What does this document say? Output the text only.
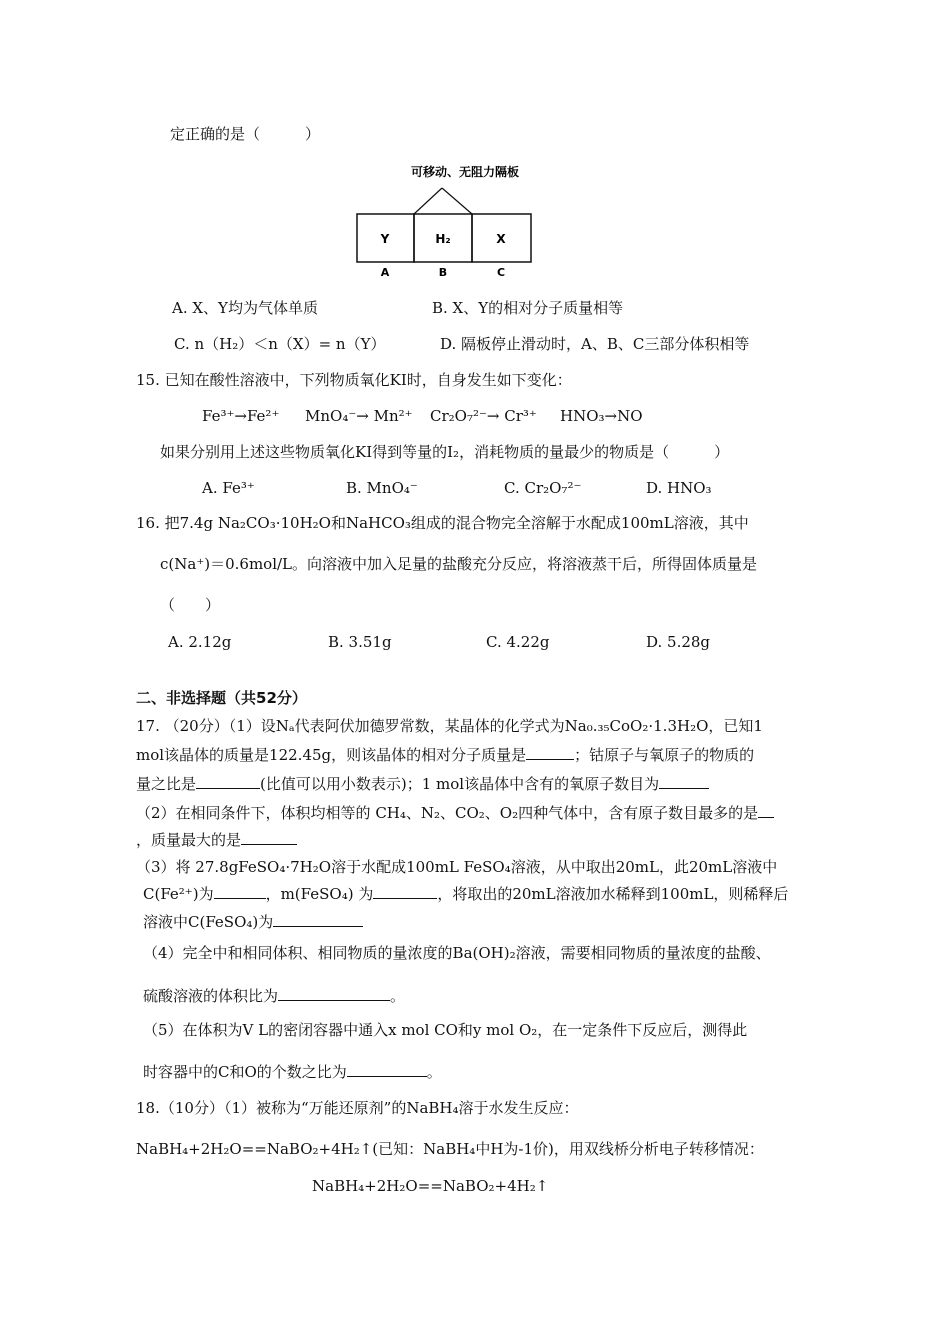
定正确的是（　　　）
可移动、无阻力隔板
Y	H₂	X
A	B	C
A. X、Y均为气体单质	B. X、Y的相对分子质量相等
C. n（H₂）＜n（X）= n（Y）	D. 隔板停止滑动时，A、B、C三部分体积相等
15. 已知在酸性溶液中，下列物质氧化KI时，自身发生如下变化：
Fe³⁺→Fe²⁺ MnO₄⁻→ Mn²⁺ Cr₂O₇²⁻→ Cr³⁺ HNO₃→NO
如果分别用上述这些物质氧化KI得到等量的I₂，消耗物质的量最少的物质是（　　　）
A. Fe³⁺	B. MnO₄⁻	C. Cr₂O₇²⁻	D. HNO₃
16. 把7.4g Na₂CO₃·10H₂O和NaHCO₃组成的混合物完全溶解于水配成100mL溶液，其中
c(Na⁺)＝0.6mol/L。向溶液中加入足量的盐酸充分反应，将溶液蒸干后，所得固体质量是
（　　）
A. 2.12g	B. 3.51g	C. 4.22g	D. 5.28g
二、非选择题（共52分）
17. （20分）（1）设Nₐ代表阿伏加德罗常数，某晶体的化学式为Na₀.₃₅CoO₂·1.3H₂O，已知1
mol该晶体的质量是122.45g，则该晶体的相对分子质量是	；钴原子与氧原子的物质的
量之比是	(比值可以用小数表示)；1 mol该晶体中含有的氧原子数目为
（2）在相同条件下，体积均相等的 CH₄、N₂、CO₂、O₂四种气体中，含有原子数目最多的是
，质量最大的是
（3）将 27.8gFeSO₄·7H₂O溶于水配成100mL FeSO₄溶液，从中取出20mL，此20mL溶液中
C(Fe²⁺)为	，m(FeSO₄) 为	，将取出的20mL溶液加水稀释到100mL，则稀释后
溶液中C(FeSO₄)为
（4）完全中和相同体积、相同物质的量浓度的Ba(OH)₂溶液，需要相同物质的量浓度的盐酸、
硫酸溶液的体积比为	。
（5）在体积为V L的密闭容器中通入x mol CO和y mol O₂，在一定条件下反应后，测得此
时容器中的C和O的个数之比为	。
18.（10分）（1）被称为“万能还原剂”的NaBH₄溶于水发生反应：
NaBH₄+2H₂O==NaBO₂+4H₂↑(已知：NaBH₄中H为-1价)，用双线桥分析电子转移情况：
NaBH₄+2H₂O==NaBO₂+4H₂↑
